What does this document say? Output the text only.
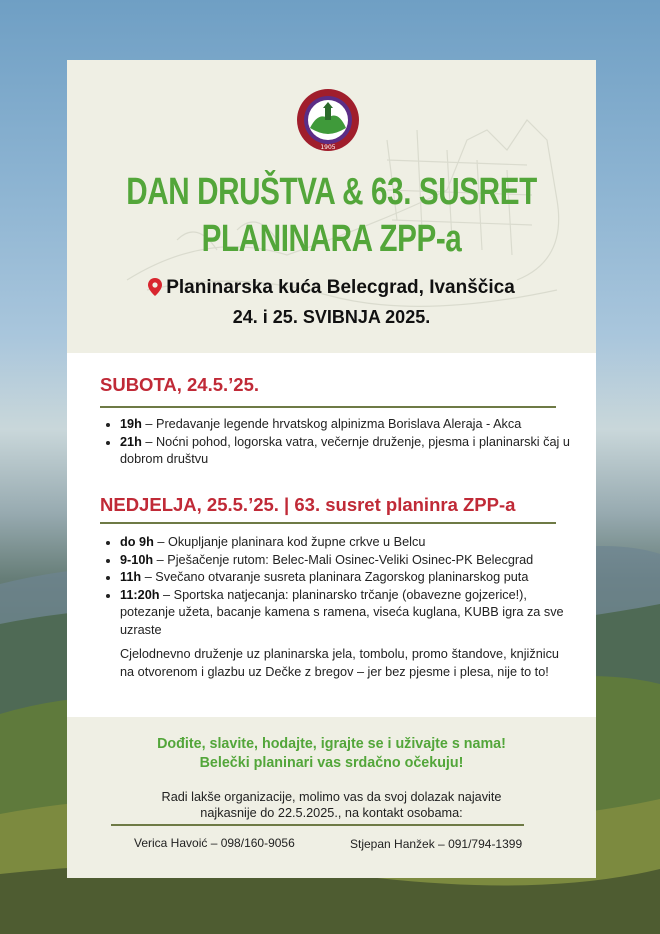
1905
DAN DRUŠTVA & 63. SUSRET
PLANINARA ZPP-a
Planinarska kuća Belecgrad, Ivanščica
24. i 25. SVIBNJA 2025.
SUBOTA, 24.5.’25.
• 19h – Predavanje legende hrvatskog alpinizma Borislava Aleraja - Akca
• 21h – Noćni pohod, logorska vatra, večernje druženje, pjesma i planinarski čaj u dobrom društvu
NEDJELJA, 25.5.’25. | 63. susret planinra ZPP-a
• do 9h – Okupljanje planinara kod župne crkve u Belcu
• 9-10h – Pješačenje rutom: Belec-Mali Osinec-Veliki Osinec-PK Belecgrad
• 11h – Svečano otvaranje susreta planinara Zagorskog planinarskog puta
• 11:20h – Sportska natjecanja: planinarsko trčanje (obavezne gojzerice!), potezanje užeta, bacanje kamena s ramena, viseća kuglana, KUBB igra za sve uzraste
Cjelodnevno druženje uz planinarska jela, tombolu, promo štandove, knjižnicu na otvorenom i glazbu uz Dečke z bregov – jer bez pjesme i plesa, nije to to!
Dođite, slavite, hodajte, igrajte se i uživajte s nama!
Belečki planinari vas srdačno očekuju!
Radi lakše organizacije, molimo vas da svoj dolazak najavite
najkasnije do 22.5.2025., na kontakt osobama:
Verica Havoić – 098/160-9056	Stjepan Hanžek – 091/794-1399
